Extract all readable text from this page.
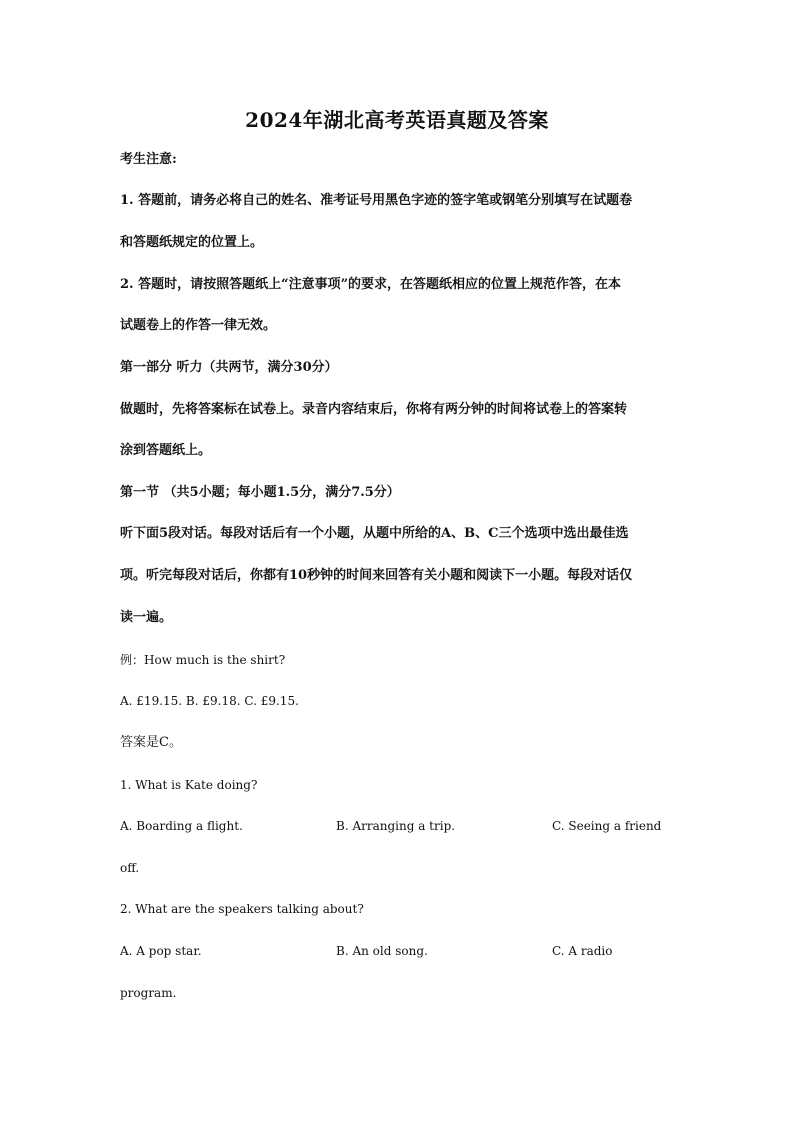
2024年湖北高考英语真题及答案
考生注意:
1. 答题前，请务必将自己的姓名、准考证号用黑色字迹的签字笔或钢笔分别填写在试题卷
和答题纸规定的位置上。
2. 答题时，请按照答题纸上“注意事项”的要求，在答题纸相应的位置上规范作答，在本
试题卷上的作答一律无效。
第一部分 听力（共两节，满分30分）
做题时，先将答案标在试卷上。录音内容结束后，你将有两分钟的时间将试卷上的答案转
涂到答题纸上。
第一节 （共5小题；每小题1.5分，满分7.5分）
听下面5段对话。每段对话后有一个小题，从题中所给的A、B、C三个选项中选出最佳选
项。听完每段对话后，你都有10秒钟的时间来回答有关小题和阅读下一小题。每段对话仅
读一遍。
例：How much is the shirt?
A. £19.15. B. £9.18. C. £9.15.
答案是C。
1. What is Kate doing?
A. Boarding a flight.	B. Arranging a trip.	C. Seeing a friend
off.
2. What are the speakers talking about?
A. A pop star.	B. An old song.	C. A radio
program.
